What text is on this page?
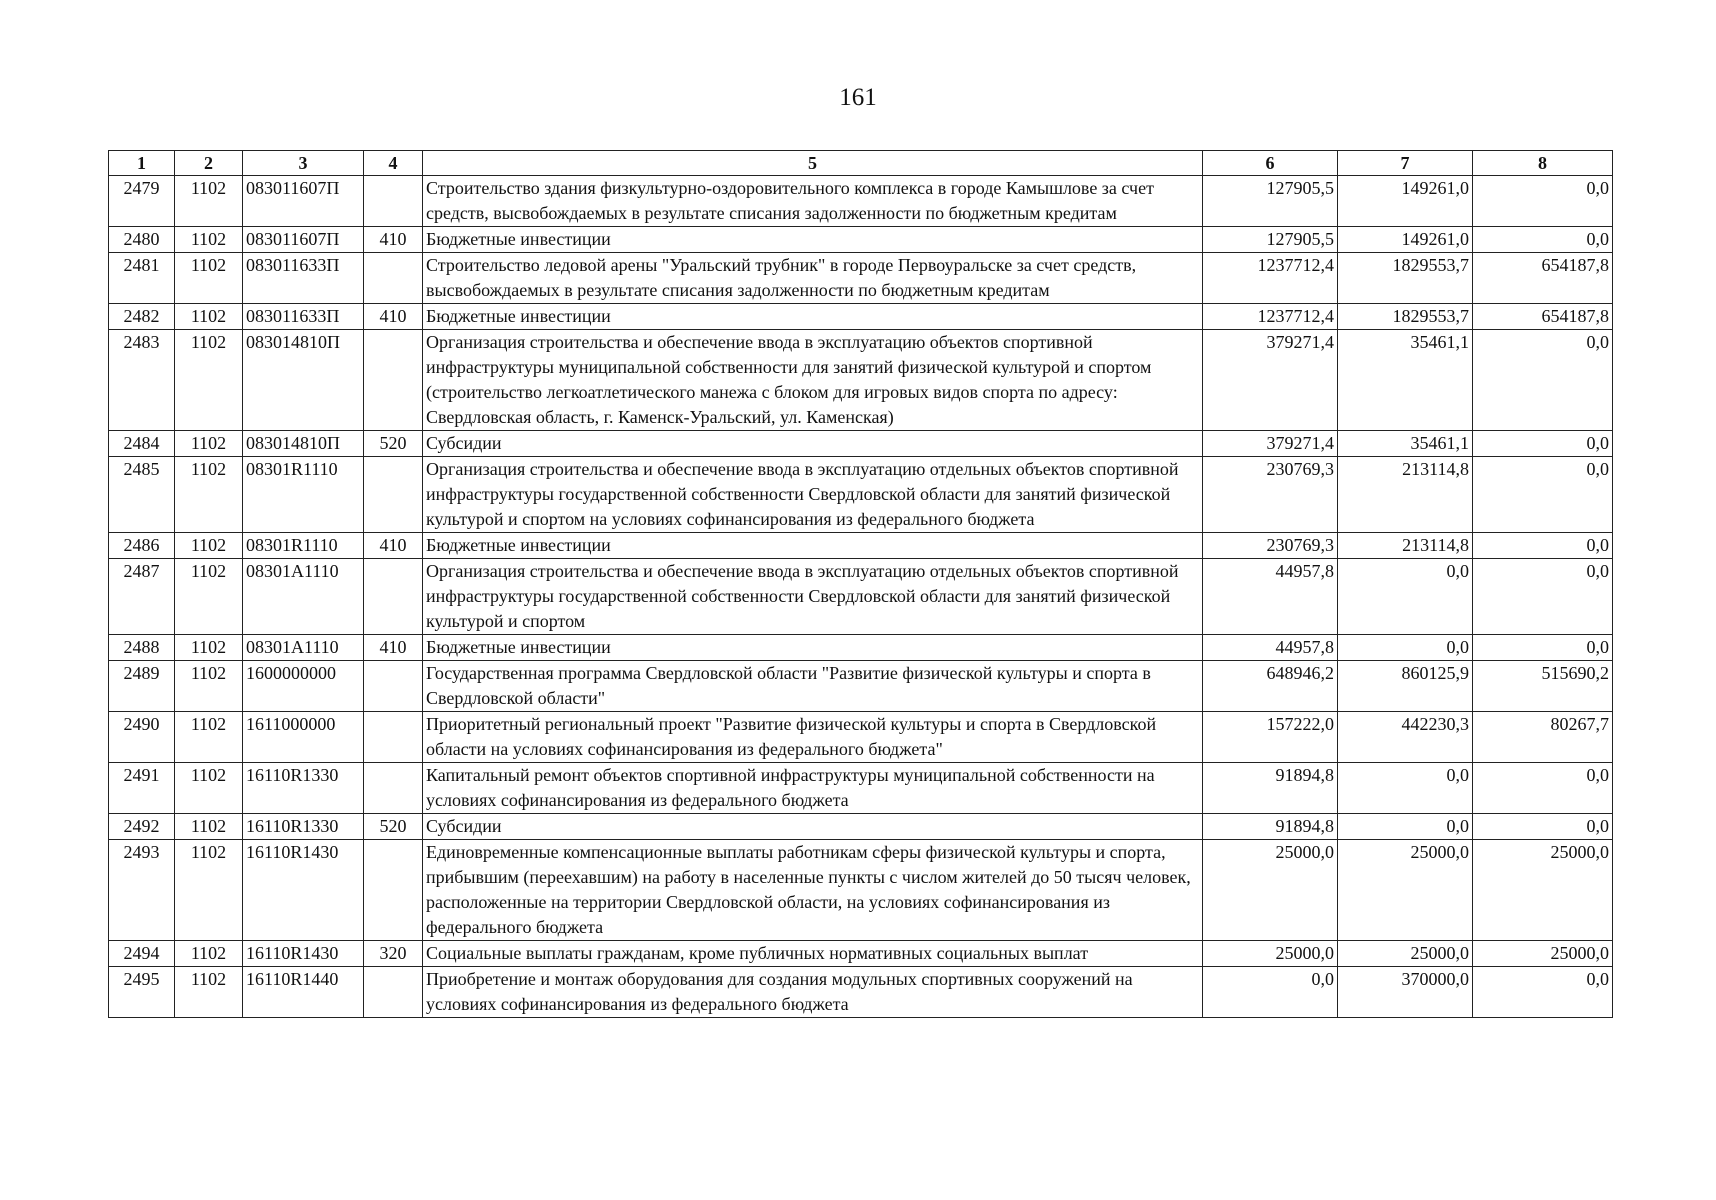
161
1	2	3	4	5	6	7	8
2479	1102	083011607П		Строительство здания физкультурно-оздоровительного комплекса в городе Камышлове за счет средств, высвобождаемых в результате списания задолженности по бюджетным кредитам	127905,5	149261,0	0,0
2480	1102	083011607П	410	Бюджетные инвестиции	127905,5	149261,0	0,0
2481	1102	083011633П		Строительство ледовой арены "Уральский трубник" в городе Первоуральске за счет средств, высвобождаемых в результате списания задолженности по бюджетным кредитам	1237712,4	1829553,7	654187,8
2482	1102	083011633П	410	Бюджетные инвестиции	1237712,4	1829553,7	654187,8
2483	1102	083014810П		Организация строительства и обеспечение ввода в эксплуатацию объектов спортивной инфраструктуры муниципальной собственности для занятий физической культурой и спортом (строительство легкоатлетического манежа с блоком для игровых видов спорта по адресу: Свердловская область, г. Каменск-Уральский, ул. Каменская)	379271,4	35461,1	0,0
2484	1102	083014810П	520	Субсидии	379271,4	35461,1	0,0
2485	1102	08301R1110		Организация строительства и обеспечение ввода в эксплуатацию отдельных объектов спортивной инфраструктуры государственной собственности Свердловской области для занятий физической культурой и спортом на условиях софинансирования из федерального бюджета	230769,3	213114,8	0,0
2486	1102	08301R1110	410	Бюджетные инвестиции	230769,3	213114,8	0,0
2487	1102	08301А1110		Организация строительства и обеспечение ввода в эксплуатацию отдельных объектов спортивной инфраструктуры государственной собственности Свердловской области для занятий физической культурой и спортом	44957,8	0,0	0,0
2488	1102	08301А1110	410	Бюджетные инвестиции	44957,8	0,0	0,0
2489	1102	1600000000		Государственная программа Свердловской области "Развитие физической культуры и спорта в Свердловской области"	648946,2	860125,9	515690,2
2490	1102	1611000000		Приоритетный региональный проект "Развитие физической культуры и спорта в Свердловской области на условиях софинансирования из федерального бюджета"	157222,0	442230,3	80267,7
2491	1102	16110R1330		Капитальный ремонт объектов спортивной инфраструктуры муниципальной собственности на условиях софинансирования из федерального бюджета	91894,8	0,0	0,0
2492	1102	16110R1330	520	Субсидии	91894,8	0,0	0,0
2493	1102	16110R1430		Единовременные компенсационные выплаты работникам сферы физической культуры и спорта, прибывшим (переехавшим) на работу в населенные пункты с числом жителей до 50 тысяч человек, расположенные на территории Свердловской области, на условиях софинансирования из федерального бюджета	25000,0	25000,0	25000,0
2494	1102	16110R1430	320	Социальные выплаты гражданам, кроме публичных нормативных социальных выплат	25000,0	25000,0	25000,0
2495	1102	16110R1440		Приобретение и монтаж оборудования для создания модульных спортивных сооружений на условиях софинансирования из федерального бюджета	0,0	370000,0	0,0
